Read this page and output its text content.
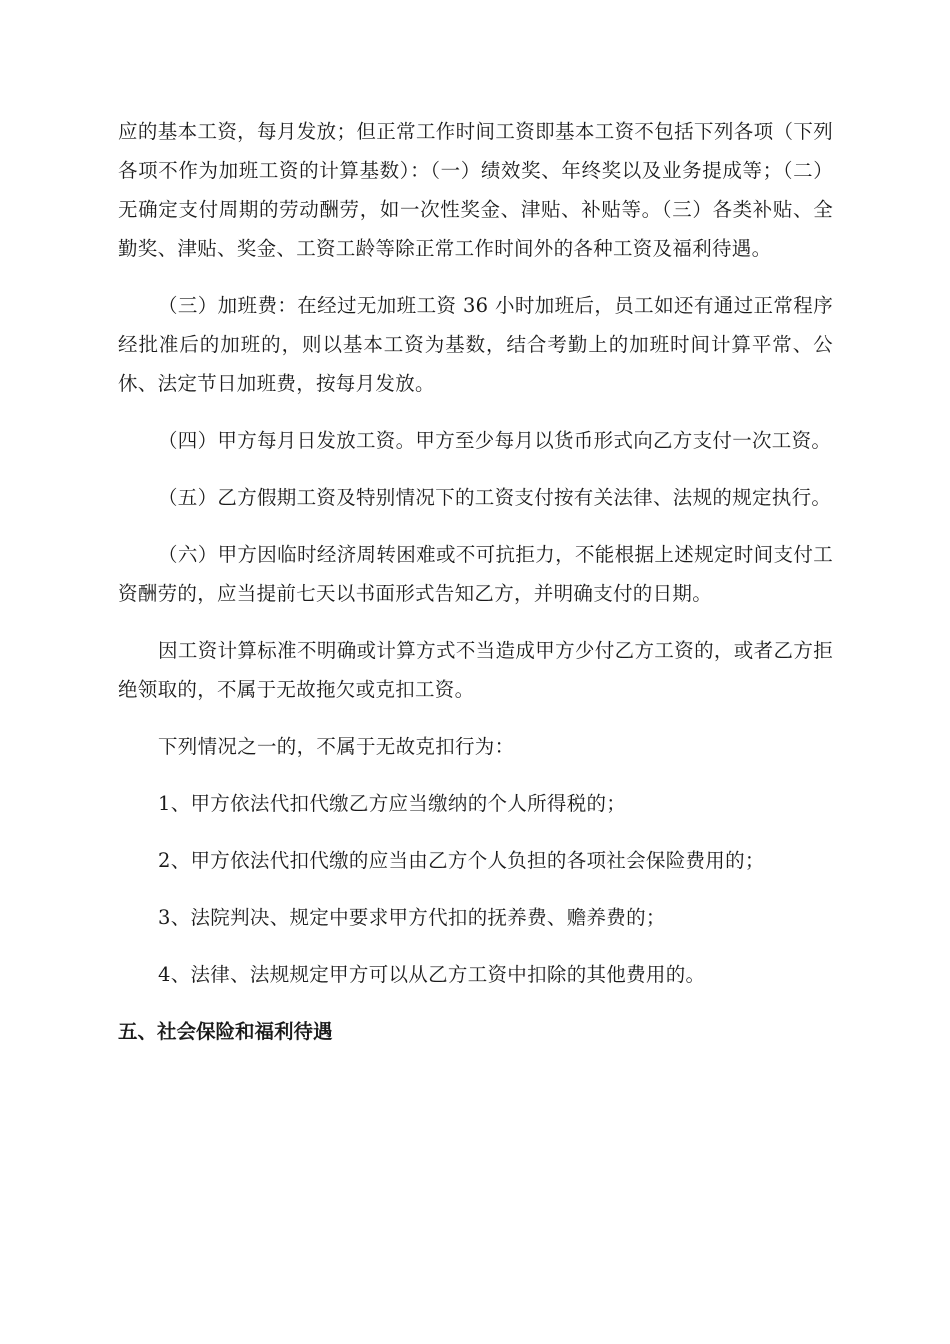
应的基本工资，每月发放；但正常工作时间工资即基本工资不包括下列各项（下列各项不作为加班工资的计算基数）：（一）绩效奖、年终奖以及业务提成等；（二）无确定支付周期的劳动酬劳，如一次性奖金、津贴、补贴等。（三）各类补贴、全勤奖、津贴、奖金、工资工龄等除正常工作时间外的各种工资及福利待遇。

（三）加班费：在经过无加班工资 36 小时加班后，员工如还有通过正常程序经批准后的加班的，则以基本工资为基数，结合考勤上的加班时间计算平常、公休、法定节日加班费，按每月发放。

（四）甲方每月日发放工资。甲方至少每月以货币形式向乙方支付一次工资。

（五）乙方假期工资及特别情况下的工资支付按有关法律、法规的规定执行。

（六）甲方因临时经济周转困难或不可抗拒力，不能根据上述规定时间支付工资酬劳的，应当提前七天以书面形式告知乙方，并明确支付的日期。

因工资计算标准不明确或计算方式不当造成甲方少付乙方工资的，或者乙方拒绝领取的，不属于无故拖欠或克扣工资。

下列情况之一的，不属于无故克扣行为：

1、甲方依法代扣代缴乙方应当缴纳的个人所得税的；

2、甲方依法代扣代缴的应当由乙方个人负担的各项社会保险费用的；

3、法院判决、规定中要求甲方代扣的抚养费、赡养费的；

4、法律、法规规定甲方可以从乙方工资中扣除的其他费用的。

五、社会保险和福利待遇
